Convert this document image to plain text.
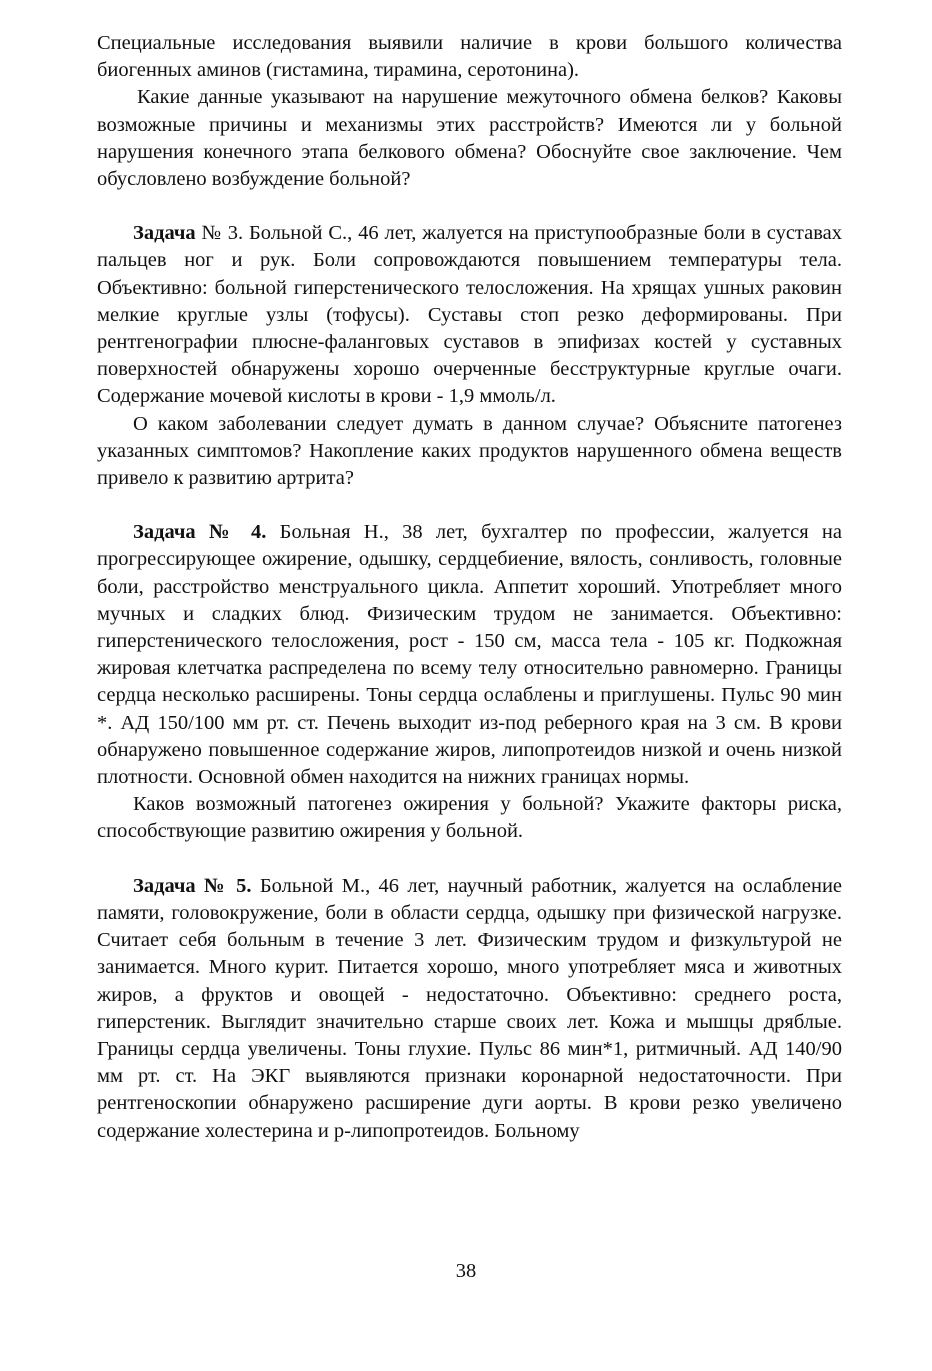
Специальные исследования выявили наличие в крови большого количества биогенных аминов (гистамина, тирамина, серотонина).

Какие данные указывают на нарушение межуточного обмена белков? Каковы возможные причины и механизмы этих расстройств? Имеются ли у больной нарушения конечного этапа белкового обмена? Обоснуйте свое заключение. Чем обусловлено возбуждение больной?

Задача № 3. Больной С., 46 лет, жалуется на приступообразные боли в суставах пальцев ног и рук. Боли сопровождаются повышением температуры тела. Объективно: больной гиперстенического телосложения. На хрящах ушных раковин мелкие круглые узлы (тофусы). Суставы стоп резко деформированы. При рентгенографии плюсне-фаланговых суставов в эпифизах костей у суставных поверхностей обнаружены хорошо очерченные бесструктурные круглые очаги. Содержание мочевой кислоты в крови - 1,9 ммоль/л.

О каком заболевании следует думать в данном случае? Объясните патогенез указанных симптомов? Накопление каких продуктов нарушенного обмена веществ привело к развитию артрита?

Задача № 4. Больная Н., 38 лет, бухгалтер по профессии, жалуется на прогрессирующее ожирение, одышку, сердцебиение, вялость, сонливость, головные боли, расстройство менструального цикла. Аппетит хороший. Употребляет много мучных и сладких блюд. Физическим трудом не занимается. Объективно: гиперстенического телосложения, рост - 150 см, масса тела - 105 кг. Подкожная жировая клетчатка распределена по всему телу относительно равномерно. Границы сердца несколько расширены. Тоны сердца ослаблены и приглушены. Пульс 90 мин *. АД 150/100 мм рт. ст. Печень выходит из-под реберного края на 3 см. В крови обнаружено повышенное содержание жиров, липопротеидов низкой и очень низкой плотности. Основной обмен находится на нижних границах нормы.

Каков возможный патогенез ожирения у больной? Укажите факторы риска, способствующие развитию ожирения у больной.

Задача № 5. Больной М., 46 лет, научный работник, жалуется на ослабление памяти, головокружение, боли в области сердца, одышку при физической нагрузке. Считает себя больным в течение 3 лет. Физическим трудом и физкультурой не занимается. Много курит. Питается хорошо, много употребляет мяса и животных жиров, а фруктов и овощей - недостаточно. Объективно: среднего роста, гиперстеник. Выглядит значительно старше своих лет. Кожа и мышцы дряблые. Границы сердца увеличены. Тоны глухие. Пульс 86 мин*1, ритмичный. АД 140/90 мм рт. ст. На ЭКГ выявляются признаки коронарной недостаточности. При рентгеноскопии обнаружено расширение дуги аорты. В крови резко увеличено содержание холестерина и р-липопротеидов. Больному

38
